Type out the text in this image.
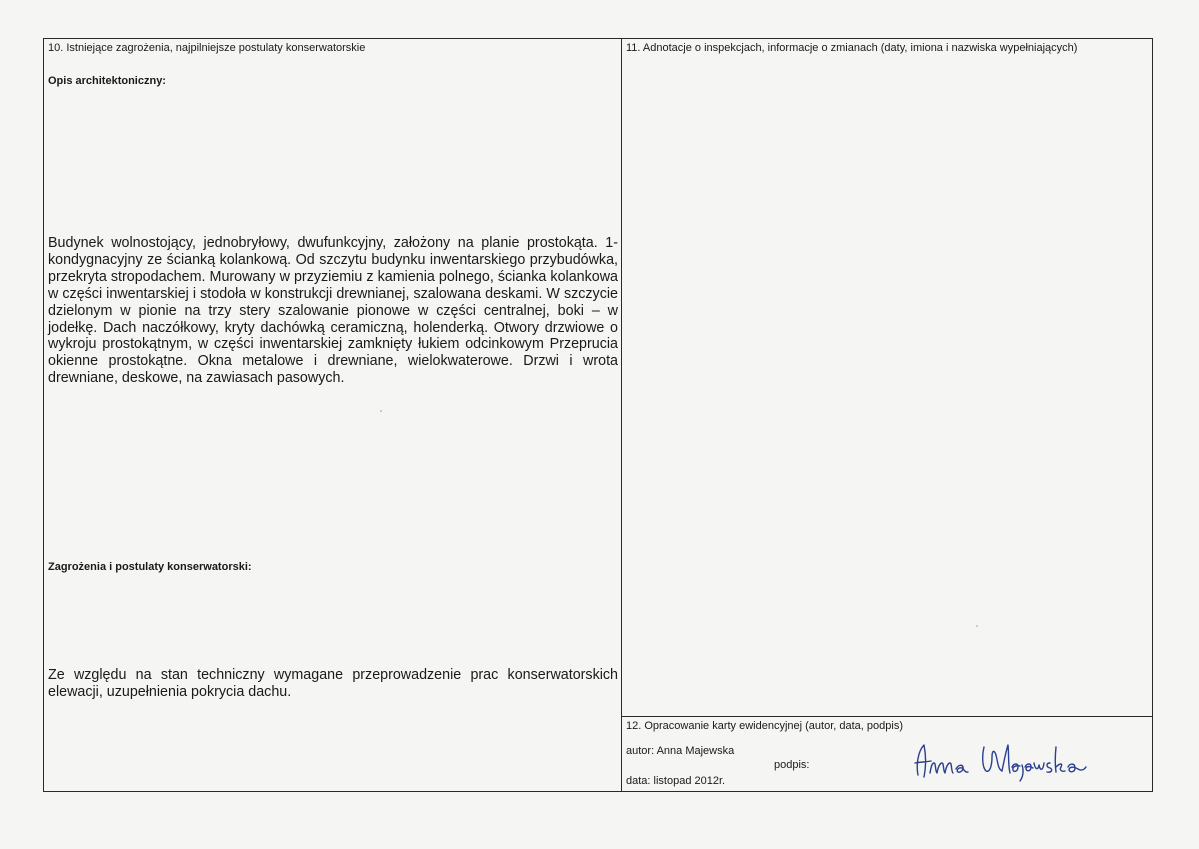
10. Istniejące zagrożenia, najpilniejsze postulaty konserwatorskie
Opis architektoniczny:
Budynek wolnostojący, jednobryłowy, dwufunkcyjny, założony na planie prostokąta. 1-kondygnacyjny ze ścianką kolankową. Od szczytu budynku inwentarskiego przybudówka, przekryta stropodachem. Murowany w przyziemiu z kamienia polnego, ścianka kolankowa w części inwentarskiej i stodoła w konstrukcji drewnianej, szalowana deskami. W szczycie dzielonym w pionie na trzy stery szalowanie pionowe w części centralnej, boki – w jodełkę. Dach naczółkowy, kryty dachówką ceramiczną, holenderką. Otwory drzwiowe o wykroju prostokątnym, w części inwentarskiej zamknięty łukiem odcinkowym Przeprucia okienne prostokątne. Okna metalowe i drewniane, wielokwaterowe. Drzwi i wrota drewniane, deskowe, na zawiasach pasowych.
Zagrożenia i postulaty konserwatorski:
Ze względu na stan techniczny wymagane przeprowadzenie prac konserwatorskich elewacji, uzupełnienia pokrycia dachu.
11. Adnotacje o inspekcjach, informacje o zmianach (daty, imiona i nazwiska wypełniających)
12. Opracowanie karty ewidencyjnej (autor, data, podpis)
autor: Anna Majewska
data: listopad 2012r.
podpis:
